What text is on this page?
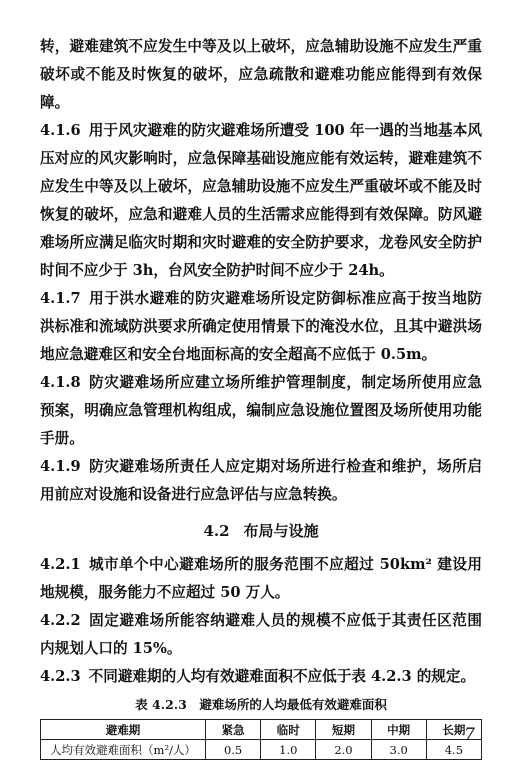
转，避难建筑不应发生中等及以上破坏，应急辅助设施不应发生严重破坏或不能及时恢复的破坏，应急疏散和避难功能应能得到有效保障。

4.1.6 用于风灾避难的防灾避难场所遭受 100 年一遇的当地基本风压对应的风灾影响时，应急保障基础设施应能有效运转，避难建筑不应发生中等及以上破坏，应急辅助设施不应发生严重破坏或不能及时恢复的破坏，应急和避难人员的生活需求应能得到有效保障。防风避难场所应满足临灾时期和灾时避难的安全防护要求，龙卷风安全防护时间不应少于 3h，台风安全防护时间不应少于 24h。

4.1.7 用于洪水避难的防灾避难场所设定防御标准应高于按当地防洪标准和流域防洪要求所确定使用情景下的淹没水位，且其中避洪场地应急避难区和安全台地面标高的安全超高不应低于 0.5m。

4.1.8 防灾避难场所应建立场所维护管理制度，制定场所使用应急预案，明确应急管理机构组成，编制应急设施位置图及场所使用功能手册。

4.1.9 防灾避难场所责任人应定期对场所进行检查和维护，场所启用前应对设施和设备进行应急评估与应急转换。

4.2 布局与设施

4.2.1 城市单个中心避难场所的服务范围不应超过 50km² 建设用地规模，服务能力不应超过 50 万人。

4.2.2 固定避难场所能容纳避难人员的规模不应低于其责任区范围内规划人口的 15%。

4.2.3 不同避难期的人均有效避难面积不应低于表 4.2.3 的规定。

表 4.2.3　避难场所的人均最低有效避难面积
避难期	紧急	临时	短期	中期	长期
人均有效避难面积（m²/人）	0.5	1.0	2.0	3.0	4.5
7
